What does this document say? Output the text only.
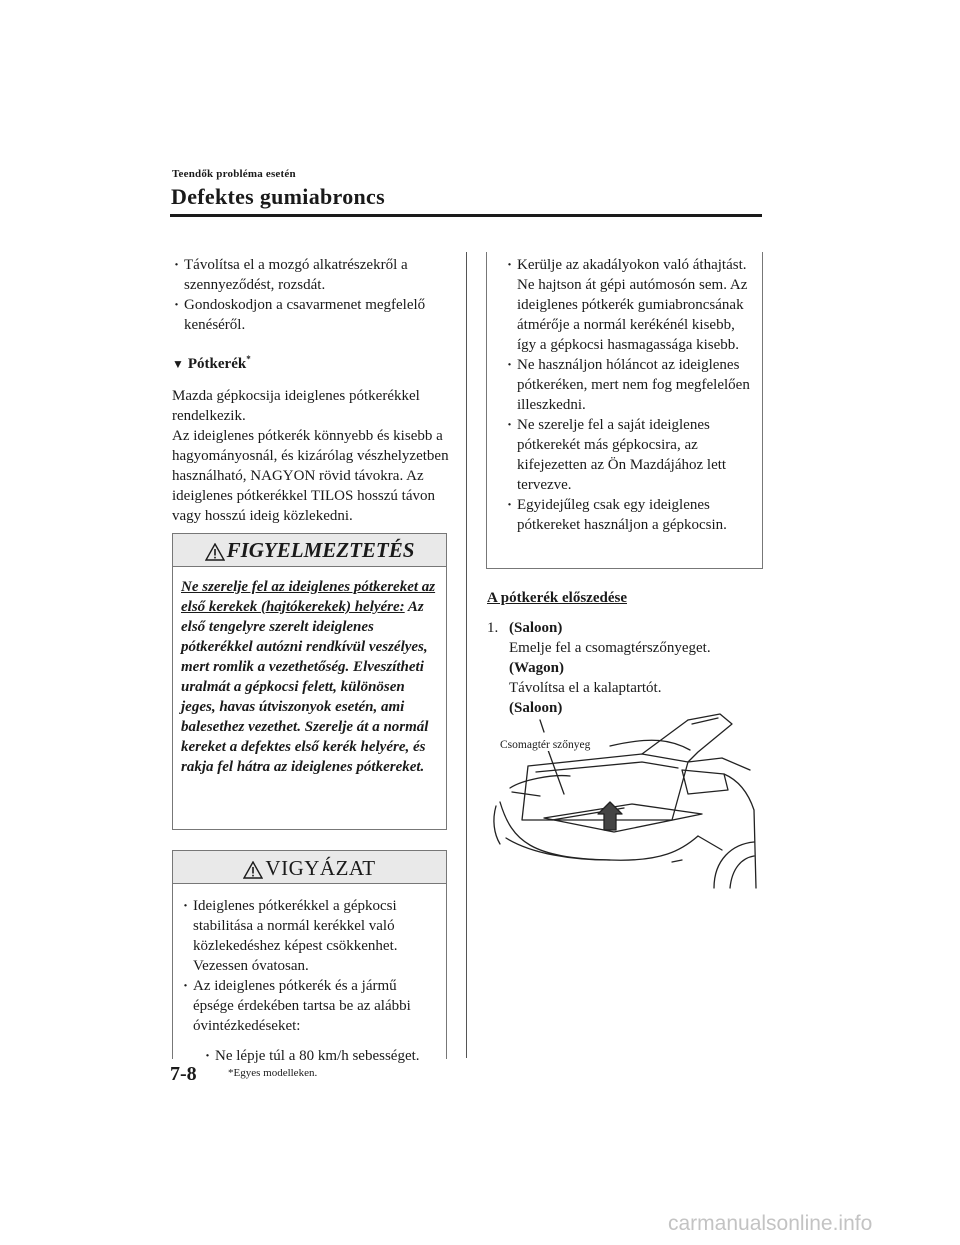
Teendők probléma esetén
Defektes gumiabroncs
· Távolítsa el a mozgó alkatrészekről a szennyeződést, rozsdát.
· Gondoskodjon a csavarmenet megfelelő kenéséről.
▼ Pótkerék*
Mazda gépkocsija ideiglenes pótkerékkel rendelkezik.
Az ideiglenes pótkerék könnyebb és kisebb a hagyományosnál, és kizárólag vészhelyzetben használható, NAGYON rövid távokra. Az ideiglenes pótkerékkel TILOS hosszú távon vagy hosszú ideig közlekedni.
FIGYELMEZTETÉS
Ne szerelje fel az ideiglenes pótkereket az első kerekek (hajtókerekek) helyére: Az első tengelyre szerelt ideiglenes pótkerékkel autózni rendkívül veszélyes, mert romlik a vezethetőség. Elveszítheti uralmát a gépkocsi felett, különösen jeges, havas útviszonyok esetén, ami balesethez vezethet. Szerelje át a normál kereket a defektes első kerék helyére, és rakja fel hátra az ideiglenes pótkereket.
VIGYÁZAT
· Ideiglenes pótkerékkel a gépkocsi stabilitása a normál kerékkel való közlekedéshez képest csökkenhet. Vezessen óvatosan.
· Az ideiglenes pótkerék és a jármű épsége érdekében tartsa be az alábbi óvintézkedéseket:
· Ne lépje túl a 80 km/h sebességet.
· Kerülje az akadályokon való áthajtást. Ne hajtson át gépi autómosón sem. Az ideiglenes pótkerék gumiabroncsának átmérője a normál kerékénél kisebb, így a gépkocsi hasmagassága kisebb.
· Ne használjon hóláncot az ideiglenes pótkeréken, mert nem fog megfelelően illeszkedni.
· Ne szerelje fel a saját ideiglenes pótkerekét más gépkocsira, az kifejezetten az Ön Mazdájához lett tervezve.
· Egyidejűleg csak egy ideiglenes pótkereket használjon a gépkocsin.
A pótkerék előszedése
1. (Saloon)
Emelje fel a csomagtérszőnyeget.
(Wagon)
Távolítsa el a kalaptartót.
(Saloon)
Csomagtér szőnyeg
7-8	*Egyes modelleken.
carmanualsonline.info
